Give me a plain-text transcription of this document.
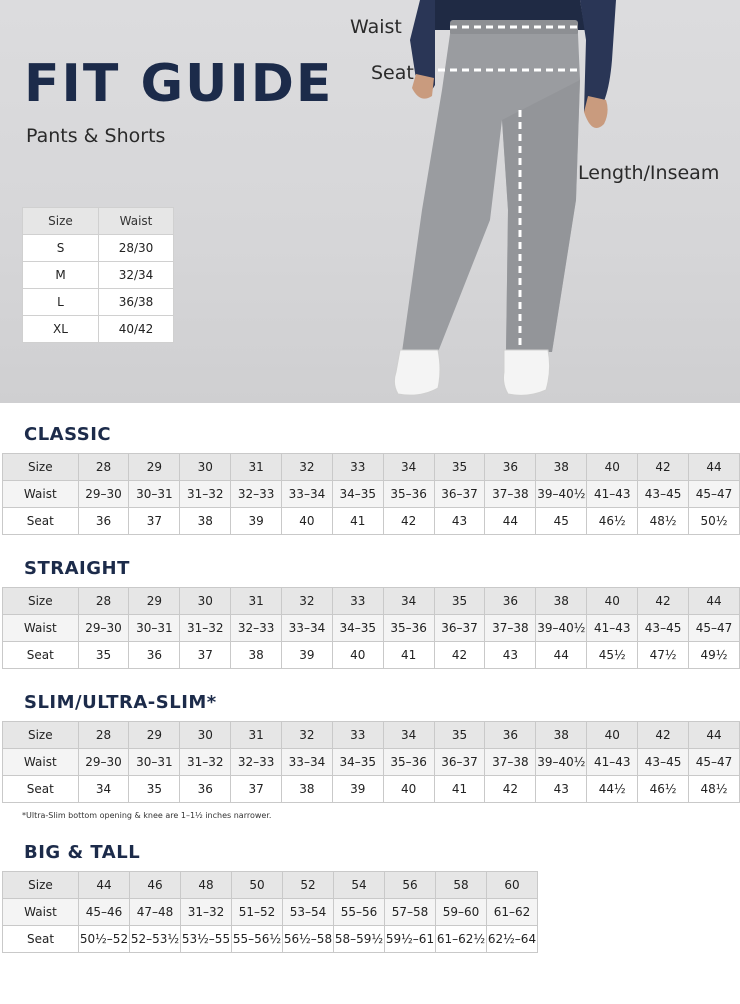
FIT GUIDE
Pants & Shorts
Size	Waist
S	28/30
M	32/34
L	36/38
XL	40/42
Waist
Seat
Length/Inseam
CLASSIC
Size	28	29	30	31	32	33	34	35	36	38	40	42	44
Waist	29–30	30–31	31–32	32–33	33–34	34–35	35–36	36–37	37–38	39–40½	41–43	43–45	45–47
Seat	36	37	38	39	40	41	42	43	44	45	46½	48½	50½
STRAIGHT
Size	28	29	30	31	32	33	34	35	36	38	40	42	44
Waist	29–30	30–31	31–32	32–33	33–34	34–35	35–36	36–37	37–38	39–40½	41–43	43–45	45–47
Seat	35	36	37	38	39	40	41	42	43	44	45½	47½	49½
SLIM/ULTRA-SLIM*
Size	28	29	30	31	32	33	34	35	36	38	40	42	44
Waist	29–30	30–31	31–32	32–33	33–34	34–35	35–36	36–37	37–38	39–40½	41–43	43–45	45–47
Seat	34	35	36	37	38	39	40	41	42	43	44½	46½	48½
*Ultra-Slim bottom opening & knee are 1–1½ inches narrower.
BIG & TALL
Size	44	46	48	50	52	54	56	58	60
Waist	45–46	47–48	31–32	51–52	53–54	55–56	57–58	59–60	61–62
Seat	50½–52	52–53½	53½–55	55–56½	56½–58	58–59½	59½–61	61–62½	62½–64
